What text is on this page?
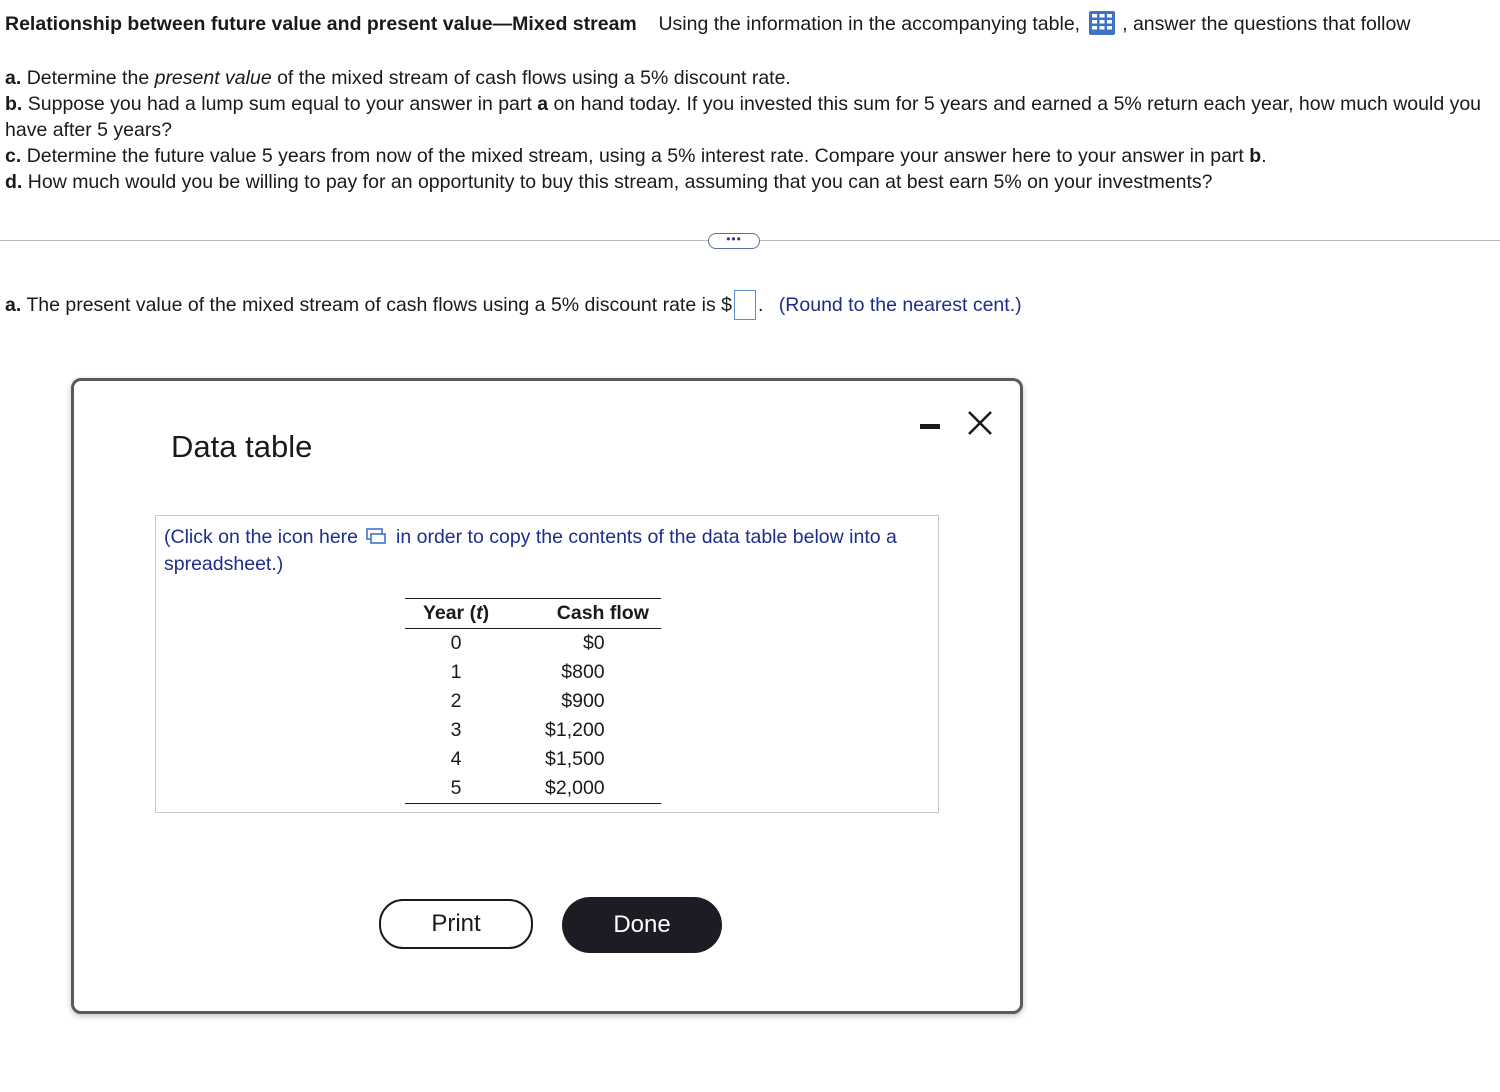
Relationship between future value and present value—Mixed stream Using the information in the accompanying table, , answer the questions that follow

a. Determine the present value of the mixed stream of cash flows using a 5% discount rate.

b. Suppose you had a lump sum equal to your answer in part a on hand today. If you invested this sum for 5 years and earned a 5% return each year, how much would you have after 5 years?

c. Determine the future value 5 years from now of the mixed stream, using a 5% interest rate. Compare your answer here to your answer in part b.

d. How much would you be willing to pay for an opportunity to buy this stream, assuming that you can at best earn 5% on your investments?

•••
a. The present value of the mixed stream of cash flows using a 5% discount rate is $ . (Round to the nearest cent.)
Data table
(Click on the icon here in order to copy the contents of the data table below into a spreadsheet.)
Year (t)		Cash flow
0		$0
1		$800
2		$900
3		$1,200
4		$1,500
5		$2,000
Print	Done
